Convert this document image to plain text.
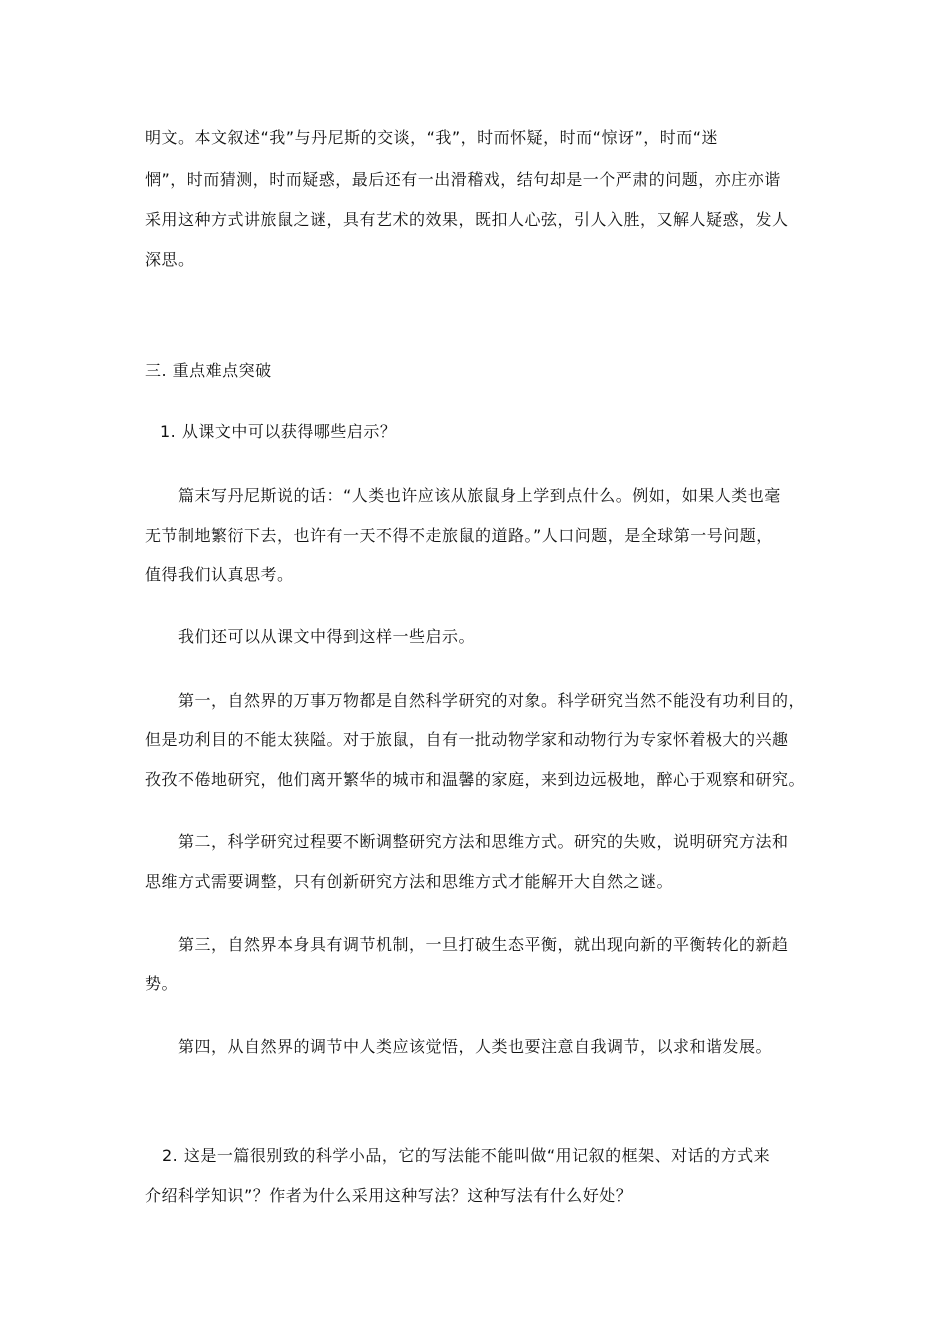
明文。本文叙述“我”与丹尼斯的交谈，“我”，时而怀疑，时而“惊讶”，时而“迷
惘”，时而猜测，时而疑惑，最后还有一出滑稽戏，结句却是一个严肃的问题，亦庄亦谐
采用这种方式讲旅鼠之谜，具有艺术的效果，既扣人心弦，引人入胜，又解人疑惑，发人
深思。
三. 重点难点突破
1. 从课文中可以获得哪些启示？
篇末写丹尼斯说的话：“人类也许应该从旅鼠身上学到点什么。例如，如果人类也毫
无节制地繁衍下去，也许有一天不得不走旅鼠的道路。”人口问题，是全球第一号问题，
值得我们认真思考。
我们还可以从课文中得到这样一些启示。
第一，自然界的万事万物都是自然科学研究的对象。科学研究当然不能没有功利目的，
但是功利目的不能太狭隘。对于旅鼠，自有一批动物学家和动物行为专家怀着极大的兴趣
孜孜不倦地研究，他们离开繁华的城市和温馨的家庭，来到边远极地，醉心于观察和研究。
第二，科学研究过程要不断调整研究方法和思维方式。研究的失败，说明研究方法和
思维方式需要调整，只有创新研究方法和思维方式才能解开大自然之谜。
第三，自然界本身具有调节机制，一旦打破生态平衡，就出现向新的平衡转化的新趋
势。
第四，从自然界的调节中人类应该觉悟，人类也要注意自我调节，以求和谐发展。
2. 这是一篇很别致的科学小品，它的写法能不能叫做“用记叙的框架、对话的方式来
介绍科学知识”？作者为什么采用这种写法？这种写法有什么好处？
